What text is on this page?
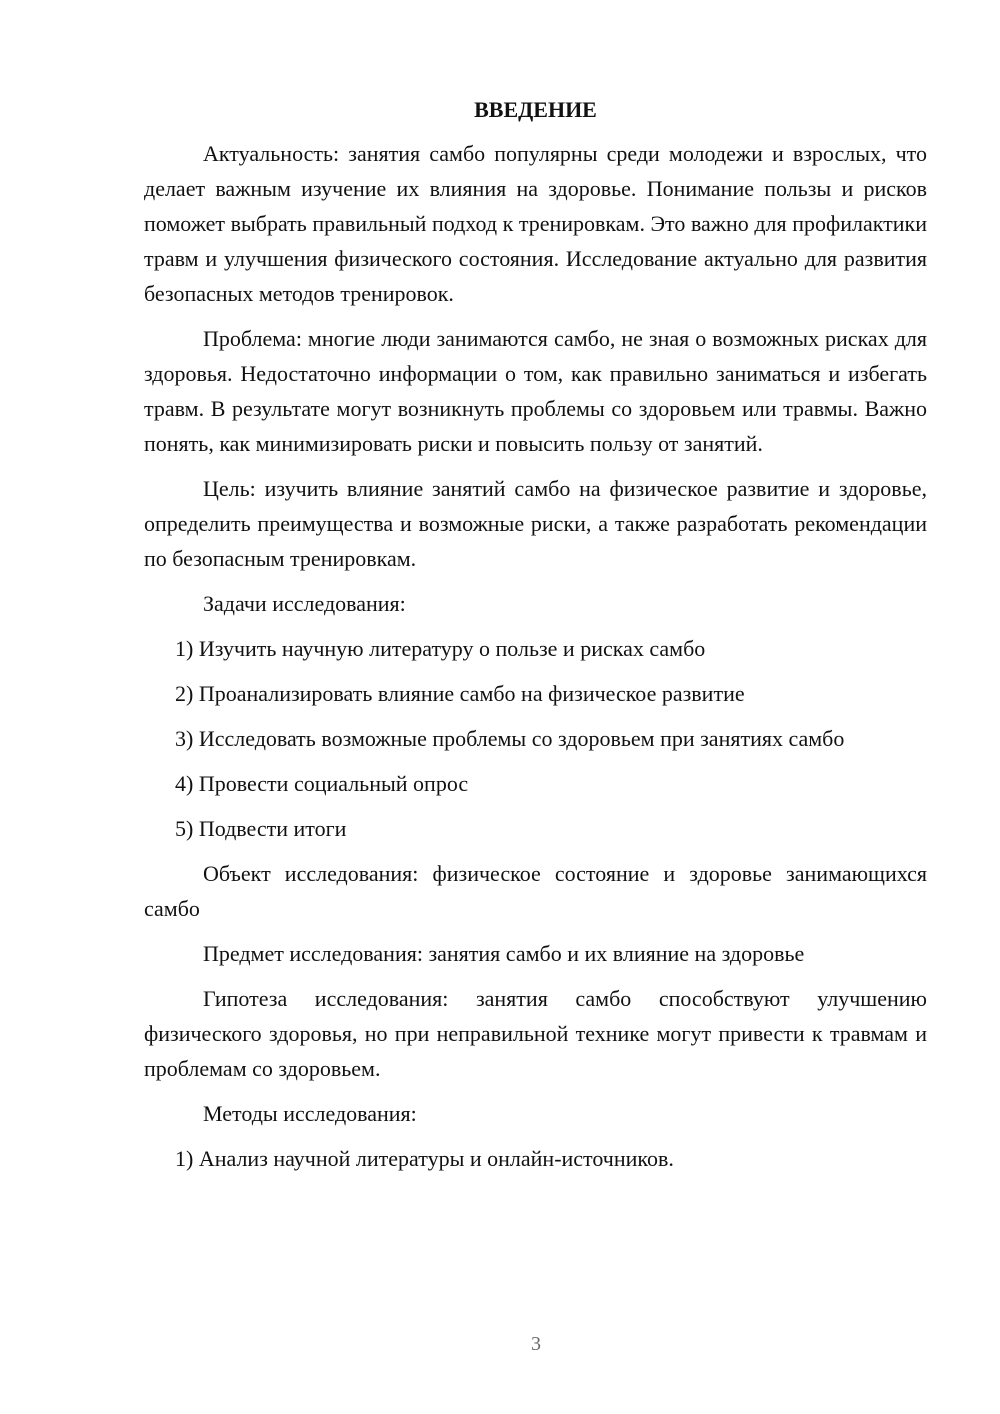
ВВЕДЕНИЕ

Актуальность: занятия самбо популярны среди молодежи и взрослых, что делает важным изучение их влияния на здоровье. Понимание пользы и рисков поможет выбрать правильный подход к тренировкам. Это важно для профилактики травм и улучшения физического состояния. Исследование актуально для развития безопасных методов тренировок.

Проблема: многие люди занимаются самбо, не зная о возможных рисках для здоровья. Недостаточно информации о том, как правильно заниматься и избегать травм. В результате могут возникнуть проблемы со здоровьем или травмы. Важно понять, как минимизировать риски и повысить пользу от занятий.

Цель: изучить влияние занятий самбо на физическое развитие и здоровье, определить преимущества и возможные риски, а также разработать рекомендации по безопасным тренировкам.

Задачи исследования:

1) Изучить научную литературу о пользе и рисках самбо

2) Проанализировать влияние самбо на физическое развитие

3) Исследовать возможные проблемы со здоровьем при занятиях самбо

4) Провести социальный опрос

5) Подвести итоги

Объект исследования: физическое состояние и здоровье занимающихся самбо

Предмет исследования: занятия самбо и их влияние на здоровье

Гипотеза исследования: занятия самбо способствуют улучшению физического здоровья, но при неправильной технике могут привести к травмам и проблемам со здоровьем.

Методы исследования:

1) Анализ научной литературы и онлайн-источников.

3
